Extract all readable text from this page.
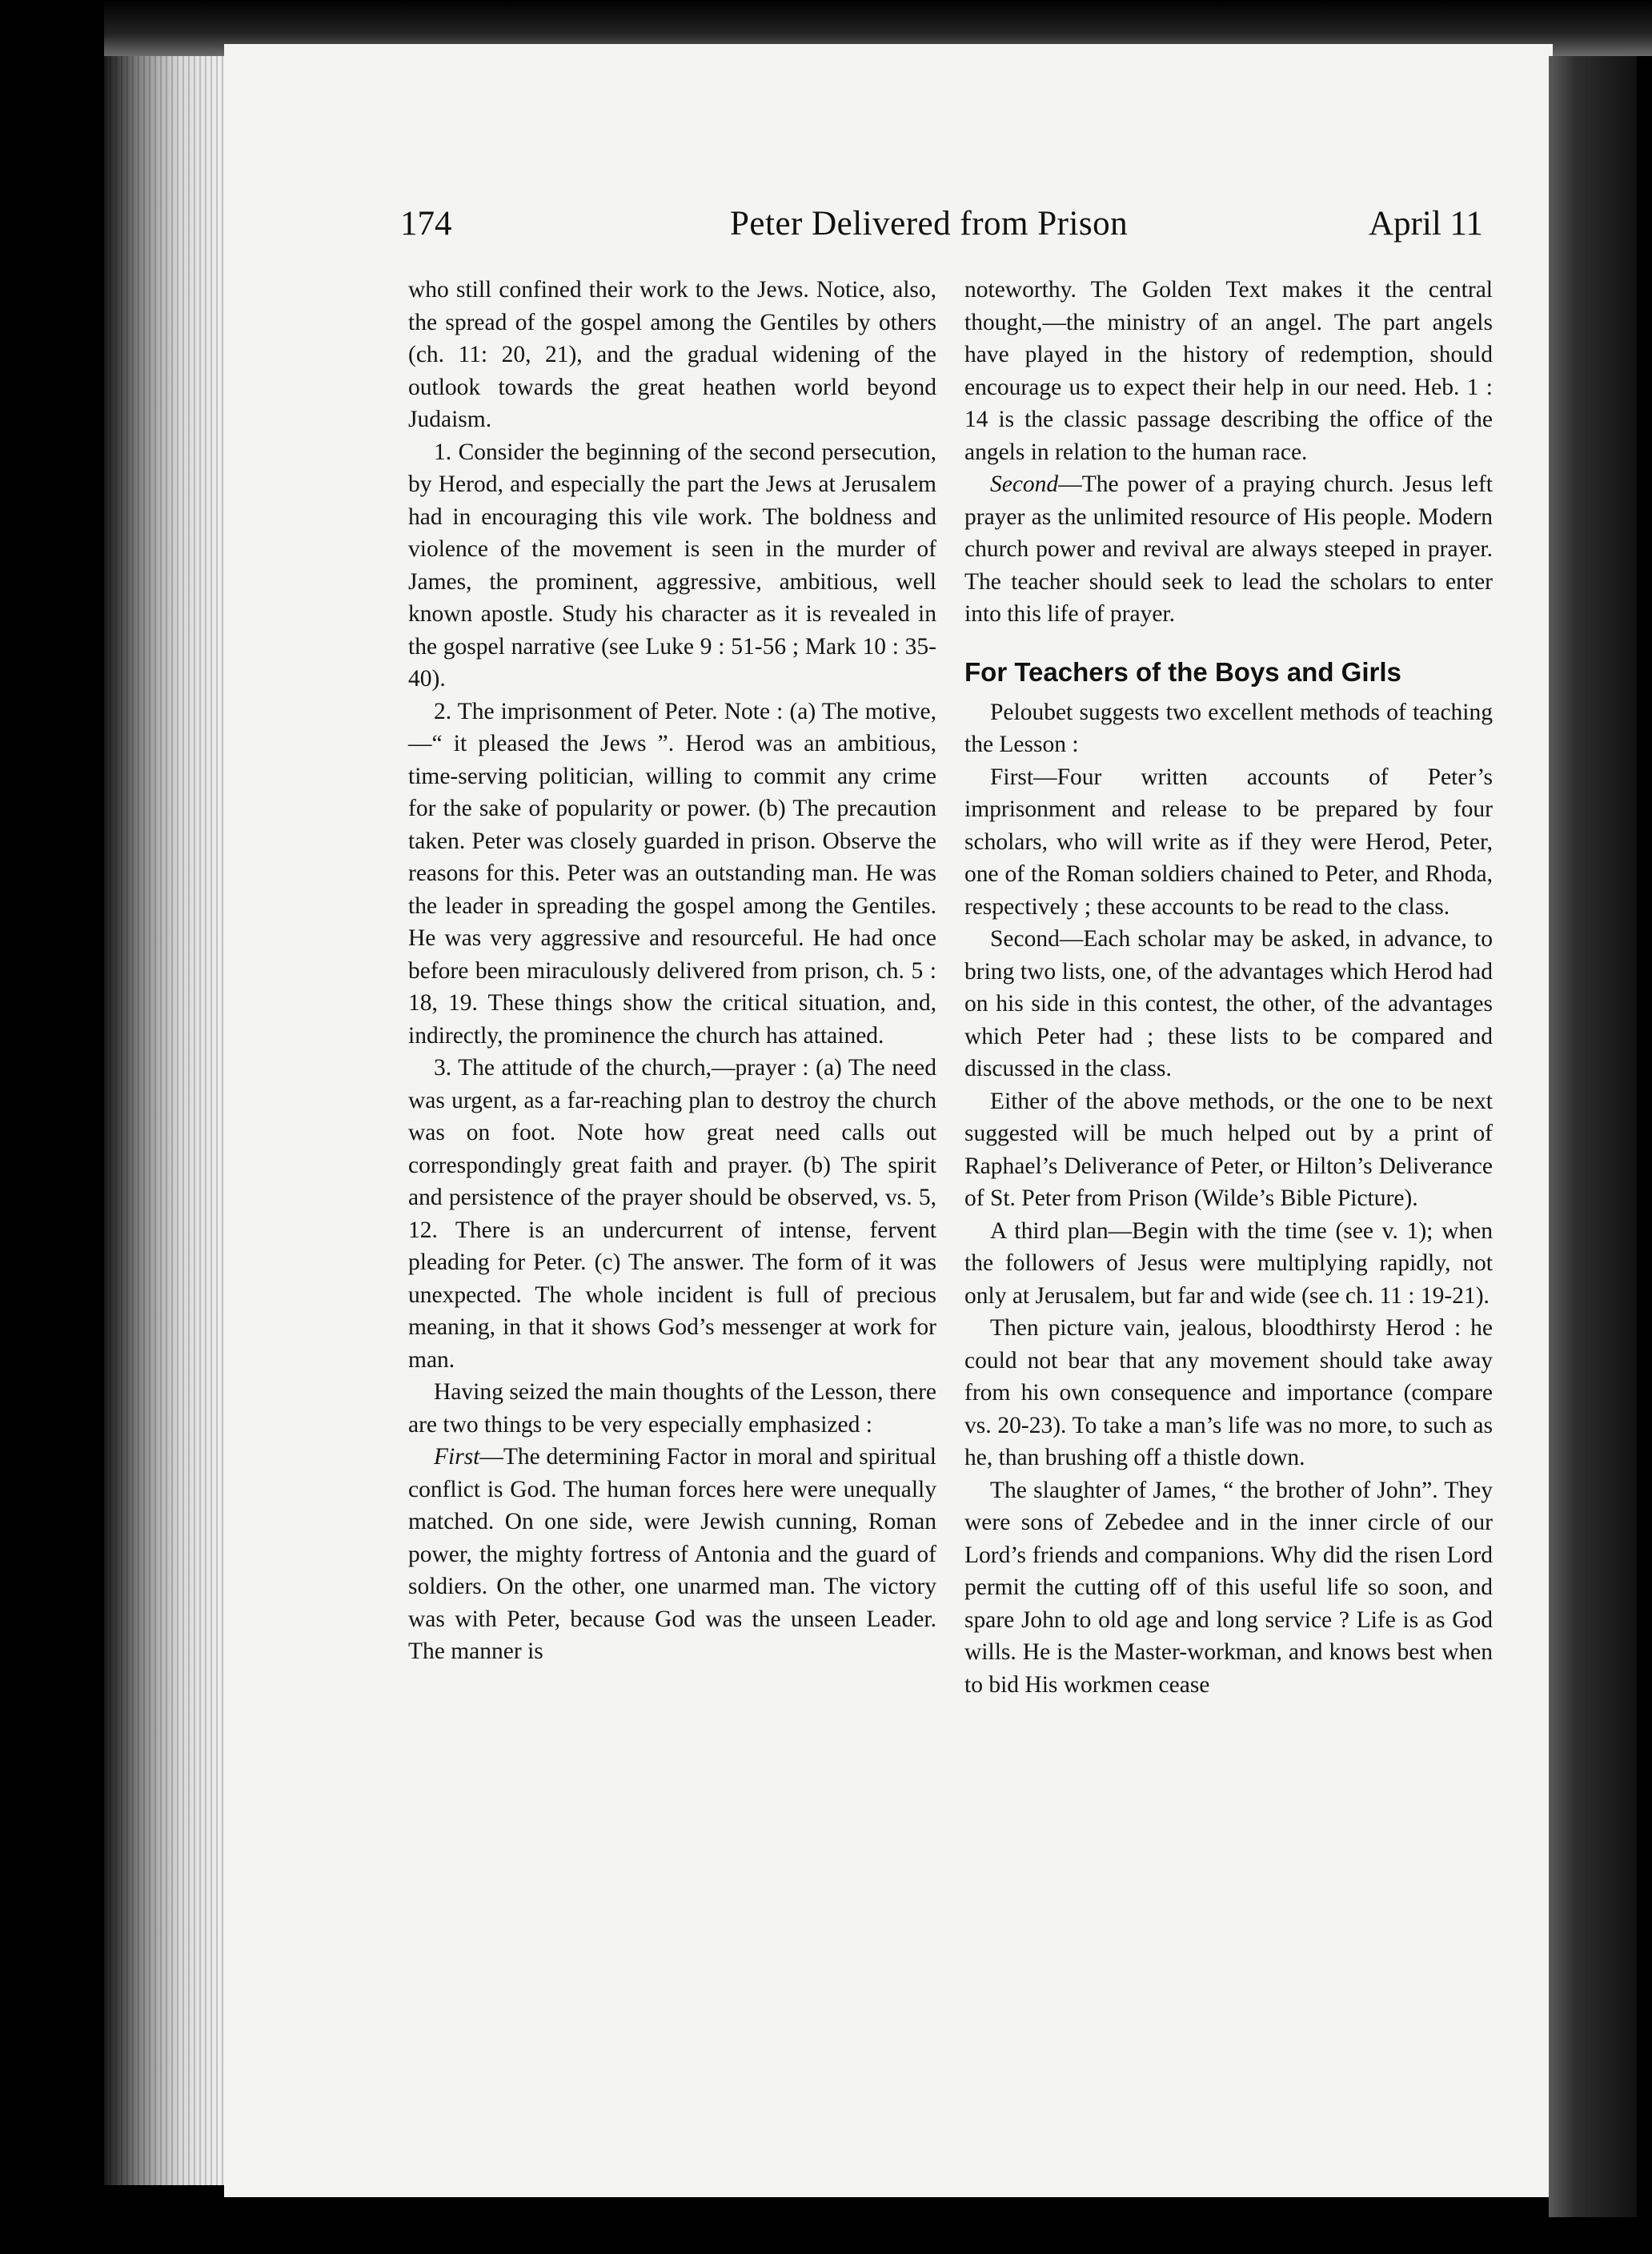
174	Peter Delivered from Prison	April 11

who still confined their work to the Jews. Notice, also, the spread of the gospel among the Gentiles by others (ch. 11: 20, 21), and the gradual widening of the outlook towards the great heathen world beyond Judaism.

1. Consider the beginning of the second persecution, by Herod, and especially the part the Jews at Jerusalem had in encouraging this vile work. The boldness and violence of the movement is seen in the murder of James, the prominent, aggressive, ambitious, well known apostle. Study his character as it is revealed in the gospel narrative (see Luke 9 : 51-56 ; Mark 10 : 35-40).

2. The imprisonment of Peter. Note : (a) The motive,—“ it pleased the Jews ”. Herod was an ambitious, time-serving politician, willing to commit any crime for the sake of popularity or power. (b) The precaution taken. Peter was closely guarded in prison. Observe the reasons for this. Peter was an outstanding man. He was the leader in spreading the gospel among the Gentiles. He was very aggressive and resourceful. He had once before been miraculously delivered from prison, ch. 5 : 18, 19. These things show the critical situation, and, indirectly, the prominence the church has attained.

3. The attitude of the church,—prayer : (a) The need was urgent, as a far-reaching plan to destroy the church was on foot. Note how great need calls out correspondingly great faith and prayer. (b) The spirit and persistence of the prayer should be observed, vs. 5, 12. There is an undercurrent of intense, fervent pleading for Peter. (c) The answer. The form of it was unexpected. The whole incident is full of precious meaning, in that it shows God’s messenger at work for man.

Having seized the main thoughts of the Lesson, there are two things to be very especially emphasized :

First—The determining Factor in moral and spiritual conflict is God. The human forces here were unequally matched. On one side, were Jewish cunning, Roman power, the mighty fortress of Antonia and the guard of soldiers. On the other, one unarmed man. The victory was with Peter, because God was the unseen Leader. The manner is

noteworthy. The Golden Text makes it the central thought,—the ministry of an angel. The part angels have played in the history of redemption, should encourage us to expect their help in our need. Heb. 1 : 14 is the classic passage describing the office of the angels in relation to the human race.

Second—The power of a praying church. Jesus left prayer as the unlimited resource of His people. Modern church power and revival are always steeped in prayer. The teacher should seek to lead the scholars to enter into this life of prayer.

For Teachers of the Boys and Girls

Peloubet suggests two excellent methods of teaching the Lesson :

First—Four written accounts of Peter’s imprisonment and release to be prepared by four scholars, who will write as if they were Herod, Peter, one of the Roman soldiers chained to Peter, and Rhoda, respectively ; these accounts to be read to the class.

Second—Each scholar may be asked, in advance, to bring two lists, one, of the advantages which Herod had on his side in this contest, the other, of the advantages which Peter had ; these lists to be compared and discussed in the class.

Either of the above methods, or the one to be next suggested will be much helped out by a print of Raphael’s Deliverance of Peter, or Hilton’s Deliverance of St. Peter from Prison (Wilde’s Bible Picture).

A third plan—Begin with the time (see v. 1); when the followers of Jesus were multiplying rapidly, not only at Jerusalem, but far and wide (see ch. 11 : 19-21).

Then picture vain, jealous, bloodthirsty Herod : he could not bear that any movement should take away from his own consequence and importance (compare vs. 20-23). To take a man’s life was no more, to such as he, than brushing off a thistle down.

The slaughter of James, “ the brother of John”. They were sons of Zebedee and in the inner circle of our Lord’s friends and companions. Why did the risen Lord permit the cutting off of this useful life so soon, and spare John to old age and long service ? Life is as God wills. He is the Master-workman, and knows best when to bid His workmen cease
